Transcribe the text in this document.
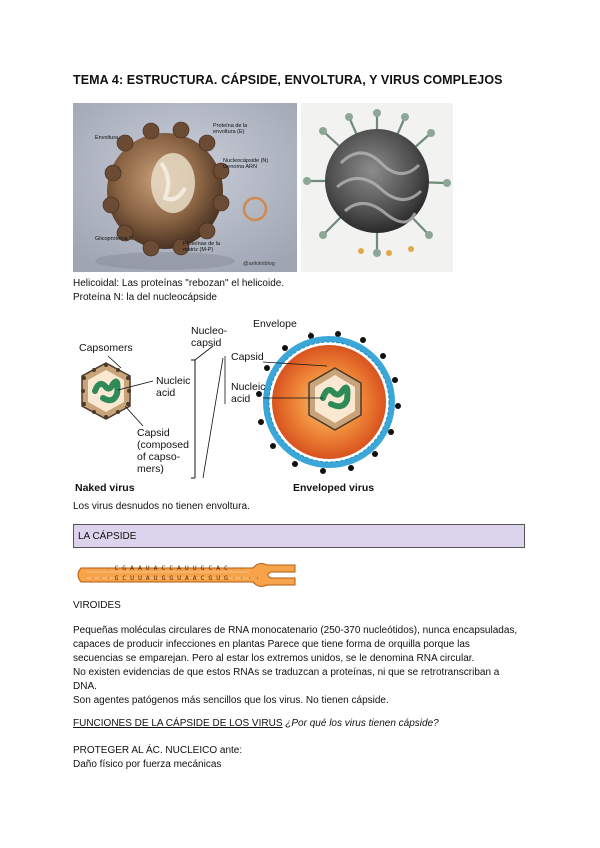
TEMA 4: ESTRUCTURA. CÁPSIDE, ENVOLTURA, Y VIRUS COMPLEJOS
Envoltura
Proteína de la envoltura (E)
Nucleocápside (N) Genoma ARN
Glicoproteína S
Proteínas de la matriz (M-P)
@arikimiblog
Helicoidal: Las proteínas "rebozan" el helicoide.
Proteína N: la del nucleocápside
Capsomers
Nucleic
acid
Capsid
(composed
of capso-
mers)
Naked virus
Nucleo-
capsid
Envelope
Capsid
Nucleic
acid
Enveloped virus
Los virus desnudos no tienen envoltura.
LA CÁPSIDE
· · · C G A A U A C C A U U G C A C · ·
· · · G C U U A U G G U A A C G U G · · · ·
VIROIDES
Pequeñas moléculas circulares de RNA monocatenario (250-370 nucleótidos), nunca encapsuladas,
capaces de producir infecciones en plantas Parece que tiene forma de orquilla porque las
secuencias se emparejan. Pero al estar los extremos unidos, se le denomina RNA circular.
No existen evidencias de que estos RNAs se traduzcan a proteínas, ni que se retrotranscriban a
DNA.
Son agentes patógenos más sencillos que los virus. No tienen cápside.
FUNCIONES DE LA CÁPSIDE DE LOS VIRUS ¿Por qué los virus tienen cápside?
PROTEGER AL ÁC. NUCLEICO ante:
Daño físico por fuerza mecánicas
